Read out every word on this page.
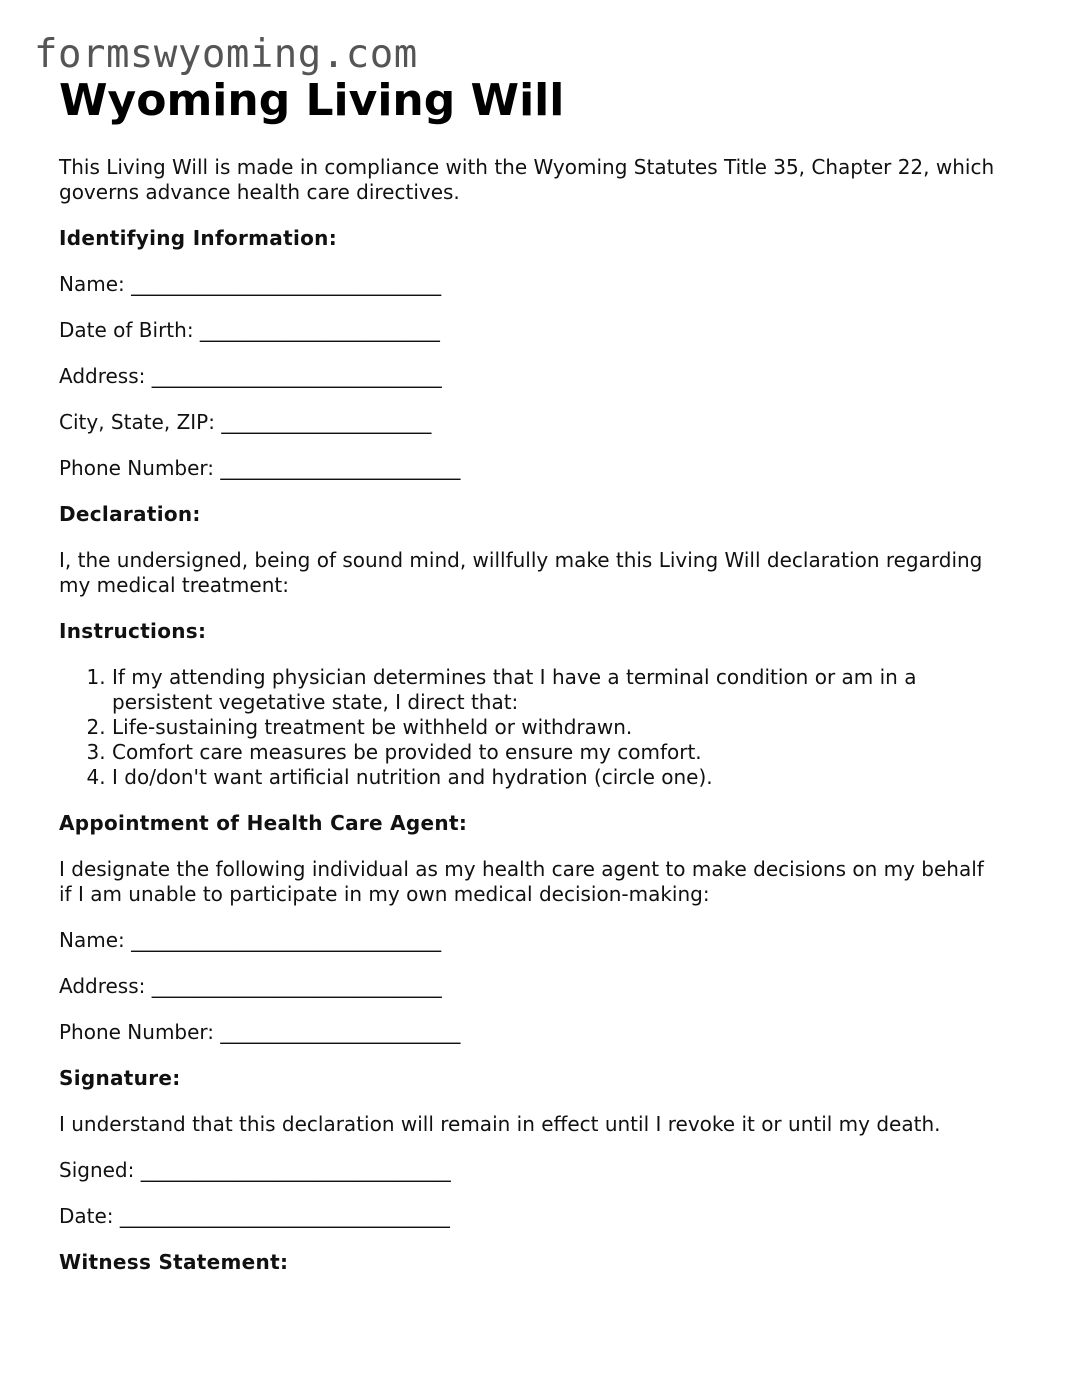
formswyoming.com
Wyoming Living Will

This Living Will is made in compliance with the Wyoming Statutes Title 35, Chapter 22, which governs advance health care directives.

Identifying Information:

Name: _______________________________

Date of Birth: ________________________

Address: _____________________________

City, State, ZIP: _____________________

Phone Number: ________________________

Declaration:

I, the undersigned, being of sound mind, willfully make this Living Will declaration regarding my medical treatment:

Instructions:

1. If my attending physician determines that I have a terminal condition or am in a persistent vegetative state, I direct that:
2. Life-sustaining treatment be withheld or withdrawn.
3. Comfort care measures be provided to ensure my comfort.
4. I do/don't want artificial nutrition and hydration (circle one).

Appointment of Health Care Agent:

I designate the following individual as my health care agent to make decisions on my behalf if I am unable to participate in my own medical decision-making:

Name: _______________________________

Address: _____________________________

Phone Number: ________________________

Signature:

I understand that this declaration will remain in effect until I revoke it or until my death.

Signed: _______________________________

Date: _________________________________

Witness Statement:
